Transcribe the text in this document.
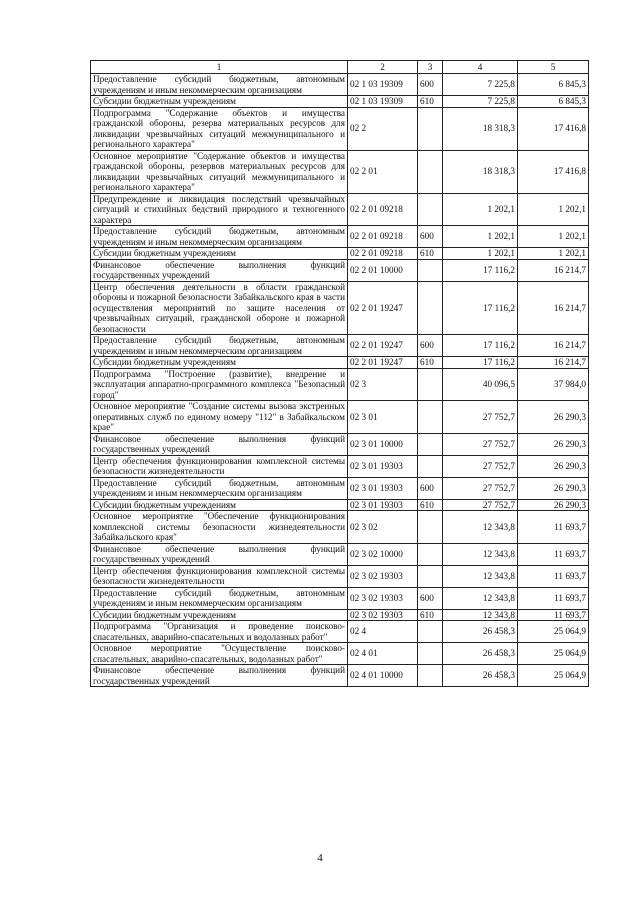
1	2	3	4	5
Предоставление субсидий бюджетным, автономным учреждениям и иным некоммерческим организациям	02 1 03 19309	600	7 225,8	6 845,3
Субсидии бюджетным учреждениям	02 1 03 19309	610	7 225,8	6 845,3
Подпрограмма "Содержание объектов и имущества гражданской обороны, резерва материальных ресурсов для ликвидации чрезвычайных ситуаций межмуниципального и регионального характера"	02 2		18 318,3	17 416,8
Основное мероприятие "Содержание объектов и имущества гражданской обороны, резервов материальных ресурсов для ликвидации чрезвычайных ситуаций межмуниципального и регионального характера"	02 2 01		18 318,3	17 416,8
Предупреждение и ликвидация последствий чрезвычайных ситуаций и стихийных бедствий природного и техногенного характера	02 2 01 09218		1 202,1	1 202,1
Предоставление субсидий бюджетным, автономным учреждениям и иным некоммерческим организациям	02 2 01 09218	600	1 202,1	1 202,1
Субсидии бюджетным учреждениям	02 2 01 09218	610	1 202,1	1 202,1
Финансовое обеспечение выполнения функций государственных учреждений	02 2 01 10000		17 116,2	16 214,7
Центр обеспечения деятельности в области гражданской обороны и пожарной безопасности Забайкальского края в части осуществления мероприятий по защите населения от чрезвычайных ситуаций, гражданской обороне и пожарной безопасности	02 2 01 19247		17 116,2	16 214,7
Предоставление субсидий бюджетным, автономным учреждениям и иным некоммерческим организациям	02 2 01 19247	600	17 116,2	16 214,7
Субсидии бюджетным учреждениям	02 2 01 19247	610	17 116,2	16 214,7
Подпрограмма "Построение (развитие), внедрение и эксплуатация аппаратно-программного комплекса "Безопасный город"	02 3		40 096,5	37 984,0
Основное мероприятие "Создание системы вызова экстренных оперативных служб по единому номеру "112" в Забайкальском крае"	02 3 01		27 752,7	26 290,3
Финансовое обеспечение выполнения функций государственных учреждений	02 3 01 10000		27 752,7	26 290,3
Центр обеспечения функционирования комплексной системы безопасности жизнедеятельности	02 3 01 19303		27 752,7	26 290,3
Предоставление субсидий бюджетным, автономным учреждениям и иным некоммерческим организациям	02 3 01 19303	600	27 752,7	26 290,3
Субсидии бюджетным учреждениям	02 3 01 19303	610	27 752,7	26 290,3
Основное мероприятие "Обеспечение функционирования комплексной системы безопасности жизнедеятельности Забайкальского края"	02 3 02		12 343,8	11 693,7
Финансовое обеспечение выполнения функций государственных учреждений	02 3 02 10000		12 343,8	11 693,7
Центр обеспечения функционирования комплексной системы безопасности жизнедеятельности	02 3 02 19303		12 343,8	11 693,7
Предоставление субсидий бюджетным, автономным учреждениям и иным некоммерческим организациям	02 3 02 19303	600	12 343,8	11 693,7
Субсидии бюджетным учреждениям	02 3 02 19303	610	12 343,8	11 693,7
Подпрограмма "Организация и проведение поисково-спасательных, аварийно-спасательных и водолазных работ"	02 4		26 458,3	25 064,9
Основное мероприятие "Осуществление поисково-спасательных, аварийно-спасательных, водолазных работ"	02 4 01		26 458,3	25 064,9
Финансовое обеспечение выполнения функций государственных учреждений	02 4 01 10000		26 458,3	25 064,9
4
